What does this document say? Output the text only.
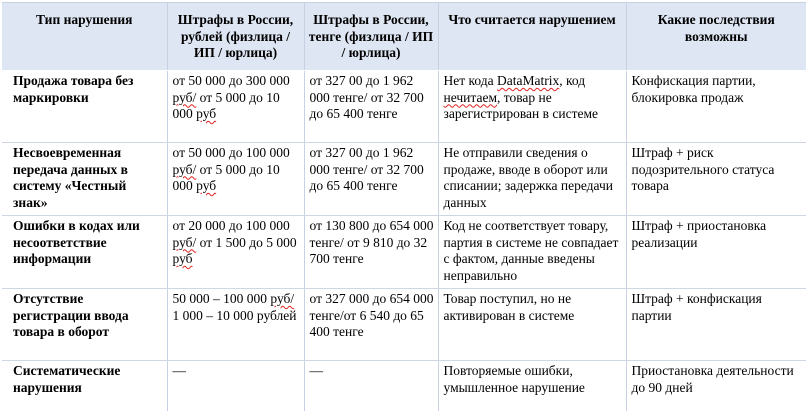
Тип нарушения	Штрафы в России, рублей (физлица / ИП / юрлица)	Штрафы в России, тенге (физлица / ИП / юрлица)	Что считается нарушением	Какие последствия возможны
Продажа товара без маркировки	от 50 000 до 300 000 руб/ от 5 000 до 10 000 руб	от 327 00 до 1 962 000 тенге/ от 32 700 до 65 400 тенге	Нет кода DataMatrix, код нечитаем, товар не зарегистрирован в системе	Конфискация партии, блокировка продаж
Несвоевременная передача данных в систему «Честный знак»	от 50 000 до 100 000 руб/ от 5 000 до 10 000 руб	от 327 00 до 1 962 000 тенге/ от 32 700 до 65 400 тенге	Не отправили сведения о продаже, вводе в оборот или списании; задержка передачи данных	Штраф + риск подозрительного статуса товара
Ошибки в кодах или несоответствие информации	от 20 000 до 100 000 руб/ от 1 500 до 5 000 руб	от 130 800 до 654 000 тенге/ от 9 810 до 32 700 тенге	Код не соответствует товару, партия в системе не совпадает с фактом, данные введены неправильно	Штраф + приостановка реализации
Отсутствие регистрации ввода товара в оборот	50 000 – 100 000 руб/ 1 000 – 10 000 рублей	от 327 000 до 654 000 тенге/от 6 540 до 65 400 тенге	Товар поступил, но не активирован в системе	Штраф + конфискация партии
Систематические нарушения	—	—	Повторяемые ошибки, умышленное нарушение	Приостановка деятельности до 90 дней
